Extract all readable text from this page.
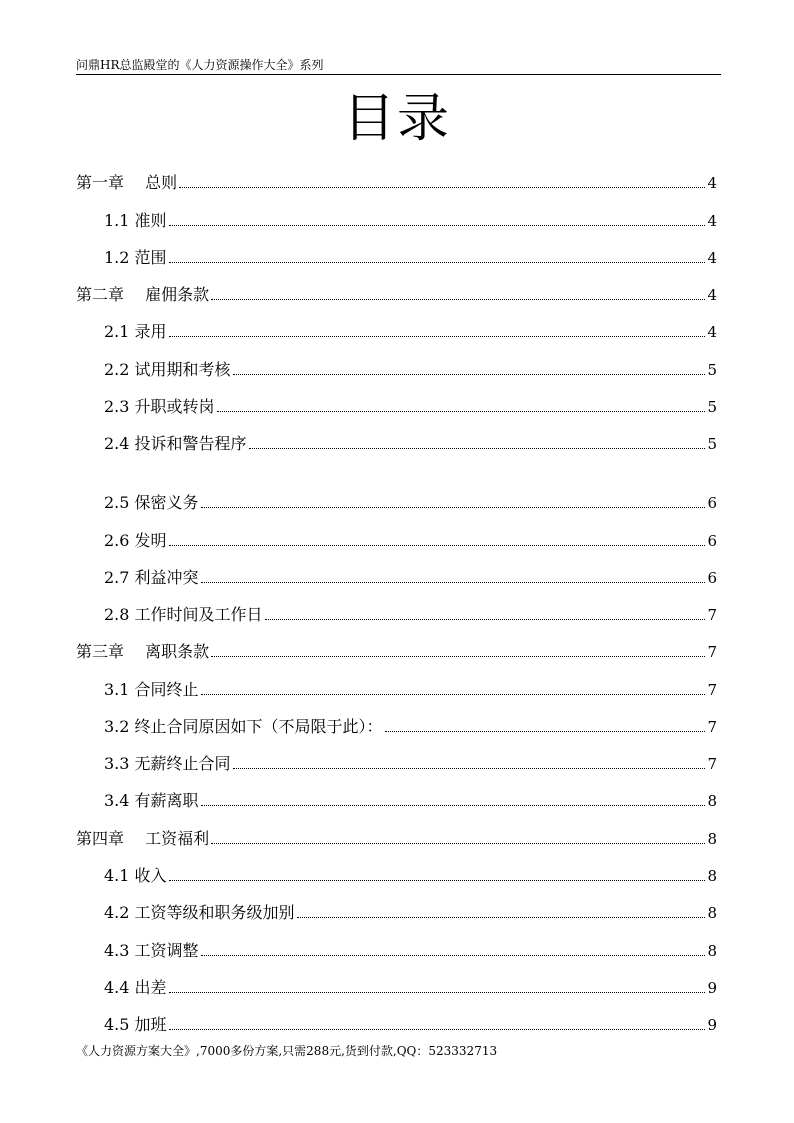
问鼎HR总监殿堂的《人力资源操作大全》系列
目录
第一章　 总则	4
1.1 准则	4
1.2 范围	4
第二章　 雇佣条款	4
2.1 录用	4
2.2 试用期和考核	5
2.3 升职或转岗	5
2.4 投诉和警告程序	5
2.5 保密义务	6
2.6 发明	6
2.7 利益冲突	6
2.8 工作时间及工作日	7
第三章　 离职条款	7
3.1 合同终止	7
3.2 终止合同原因如下（不局限于此）：	7
3.3 无薪终止合同	7
3.4 有薪离职	8
第四章　 工资福利	8
4.1 收入	8
4.2 工资等级和职务级加别	8
4.3 工资调整	8
4.4 出差	9
4.5 加班	9
《人力资源方案大全》,7000多份方案,只需288元,货到付款,QQ：523332713
